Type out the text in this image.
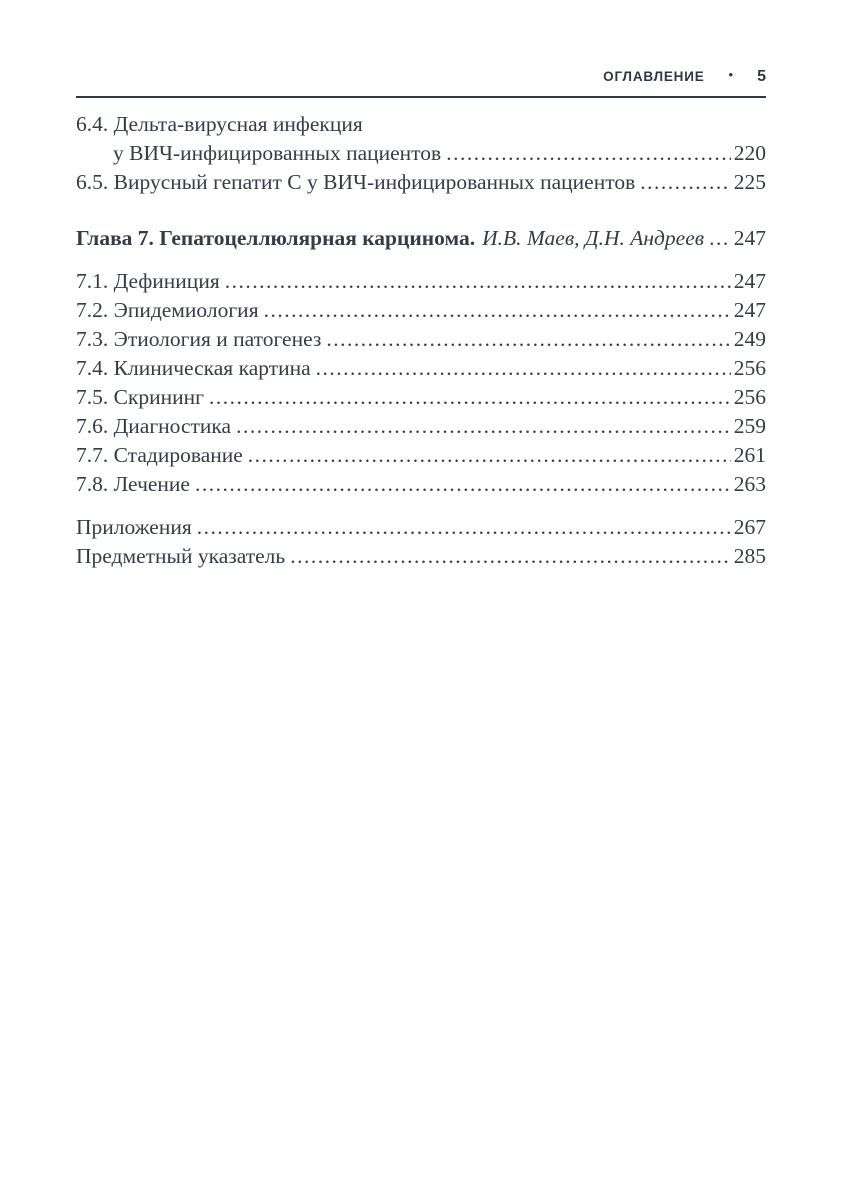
ОГЛАВЛЕНИЕ • 5
6.4. Дельта-вирусная инфекция
у ВИЧ-инфицированных пациентов .....	220
6.5. Вирусный гепатит С у ВИЧ-инфицированных пациентов .....	225
Глава 7. Гепатоцеллюлярная карцинома. И.В. Маев, Д.Н. Андреев ..... 247
7.1. Дефиниция .....	247
7.2. Эпидемиология .....	247
7.3. Этиология и патогенез .....	249
7.4. Клиническая картина .....	256
7.5. Скрининг .....	256
7.6. Диагностика .....	259
7.7. Стадирование .....	261
7.8. Лечение .....	263
Приложения .....	267
Предметный указатель .....	285
